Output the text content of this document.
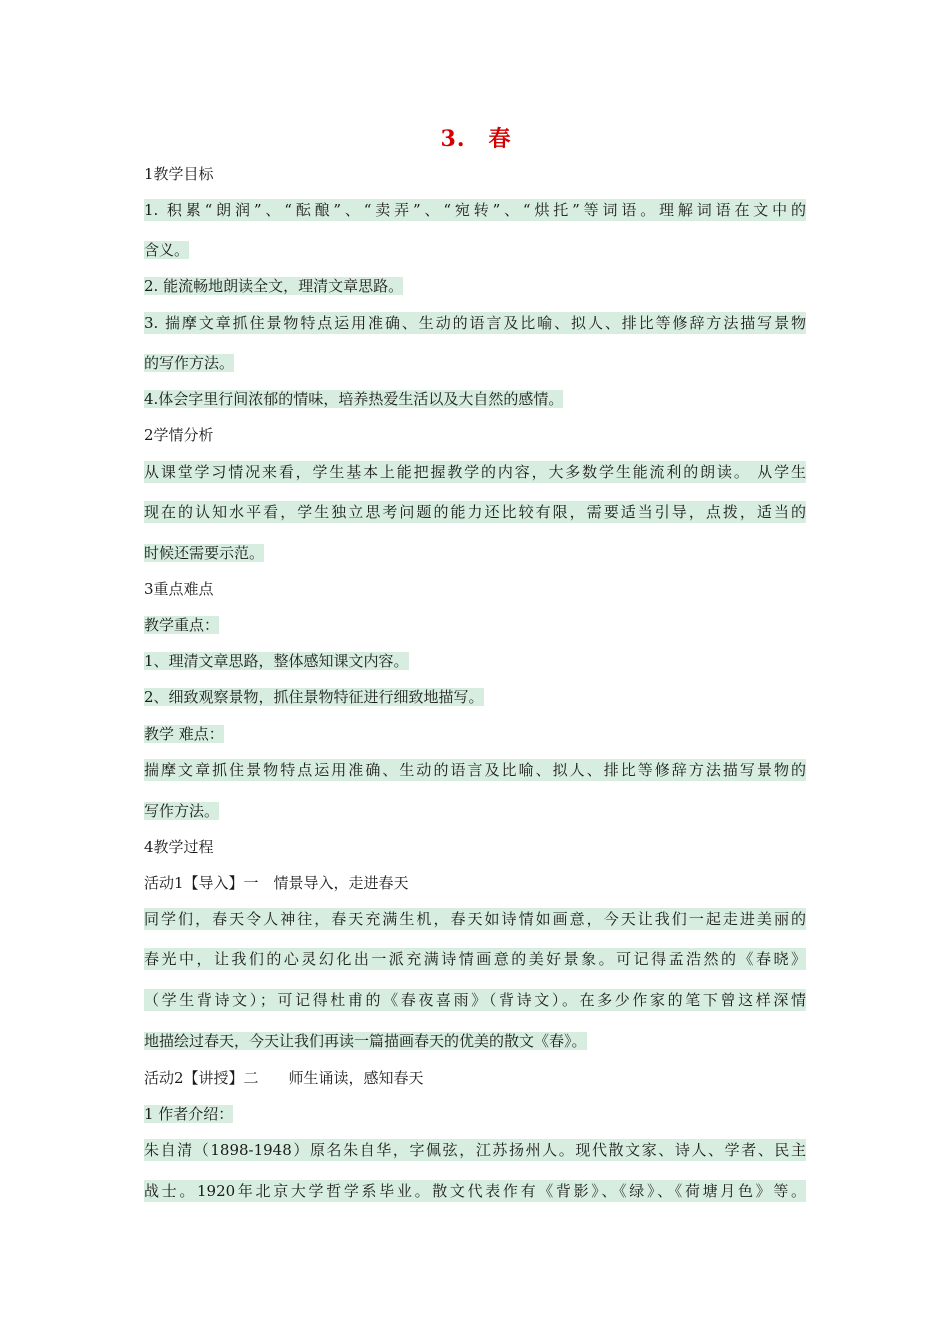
3.　春
1教学目标
1. 积累“朗润”、“酝酿”、“卖弄”、“宛转”、“烘托”等词语。理解词语在文中的
含义。
2. 能流畅地朗读全文，理清文章思路。
3. 揣摩文章抓住景物特点运用准确、生动的语言及比喻、拟人、排比等修辞方法描写景物
的写作方法。
4.体会字里行间浓郁的情味，培养热爱生活以及大自然的感情。
2学情分析
从课堂学习情况来看，学生基本上能把握教学的内容，大多数学生能流利的朗读。 从学生
现在的认知水平看，学生独立思考问题的能力还比较有限，需要适当引导，点拨，适当的
时候还需要示范。
3重点难点
教学重点：
1、理清文章思路，整体感知课文内容。
2、细致观察景物，抓住景物特征进行细致地描写。
教学 难点：
揣摩文章抓住景物特点运用准确、生动的语言及比喻、拟人、排比等修辞方法描写景物的
写作方法。
4教学过程
活动1【导入】一　情景导入，走进春天
同学们，春天令人神往，春天充满生机，春天如诗情如画意，今天让我们一起走进美丽的
春光中，让我们的心灵幻化出一派充满诗情画意的美好景象。可记得孟浩然的《春晓》
（学生背诗文）；可记得杜甫的《春夜喜雨》（背诗文）。在多少作家的笔下曾这样深情
地描绘过春天，今天让我们再读一篇描画春天的优美的散文《春》。
活动2【讲授】二　　师生诵读，感知春天
1 作者介绍：
朱自清（1898-1948）原名朱自华，字佩弦，江苏扬州人。现代散文家、诗人、学者、民主
战士。1920年北京大学哲学系毕业。散文代表作有《背影》、《绿》、《荷塘月色》等。
